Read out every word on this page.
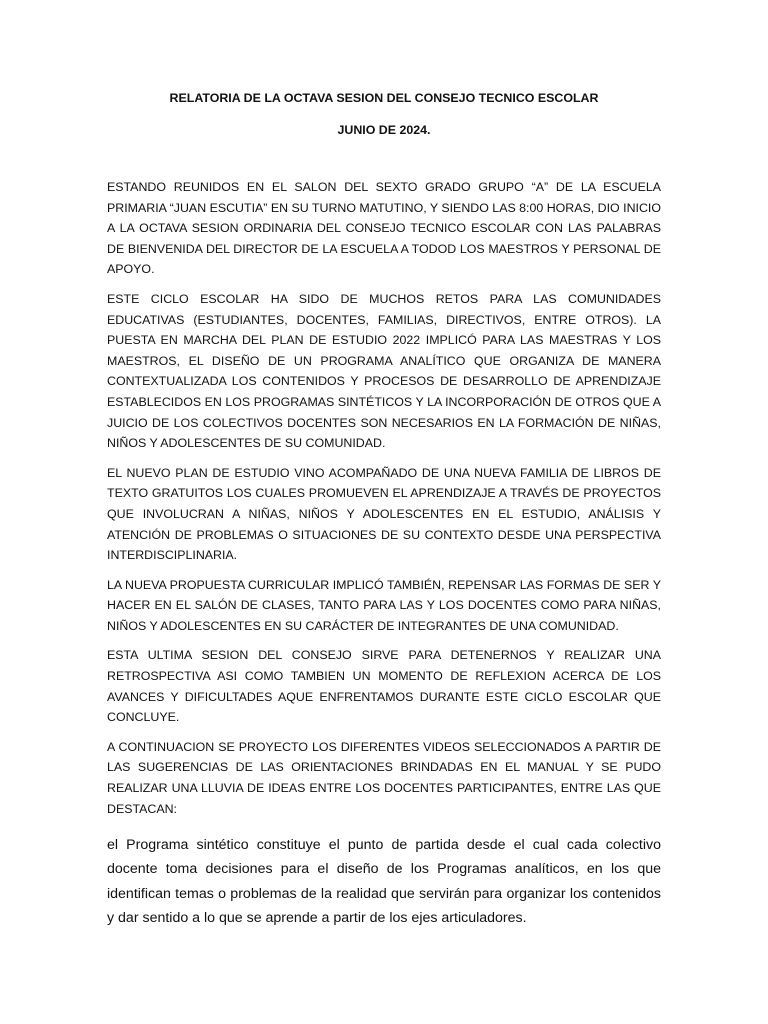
RELATORIA DE LA OCTAVA SESION DEL CONSEJO TECNICO ESCOLAR

JUNIO DE 2024.

ESTANDO REUNIDOS EN EL SALON DEL SEXTO GRADO GRUPO “A” DE LA ESCUELA PRIMARIA “JUAN ESCUTIA” EN SU TURNO MATUTINO, Y SIENDO LAS 8:00 HORAS, DIO INICIO A LA OCTAVA SESION ORDINARIA DEL CONSEJO TECNICO ESCOLAR CON LAS PALABRAS DE BIENVENIDA DEL DIRECTOR DE LA ESCUELA A TODOD LOS MAESTROS Y PERSONAL DE APOYO.

ESTE CICLO ESCOLAR HA SIDO DE MUCHOS RETOS PARA LAS COMUNIDADES EDUCATIVAS (ESTUDIANTES, DOCENTES, FAMILIAS, DIRECTIVOS, ENTRE OTROS). LA PUESTA EN MARCHA DEL PLAN DE ESTUDIO 2022 IMPLICÓ PARA LAS MAESTRAS Y LOS MAESTROS, EL DISEÑO DE UN PROGRAMA ANALÍTICO QUE ORGANIZA DE MANERA CONTEXTUALIZADA LOS CONTENIDOS Y PROCESOS DE DESARROLLO DE APRENDIZAJE ESTABLECIDOS EN LOS PROGRAMAS SINTÉTICOS Y LA INCORPORACIÓN DE OTROS QUE A JUICIO DE LOS COLECTIVOS DOCENTES SON NECESARIOS EN LA FORMACIÓN DE NIÑAS, NIÑOS Y ADOLESCENTES DE SU COMUNIDAD.

EL NUEVO PLAN DE ESTUDIO VINO ACOMPAÑADO DE UNA NUEVA FAMILIA DE LIBROS DE TEXTO GRATUITOS LOS CUALES PROMUEVEN EL APRENDIZAJE A TRAVÉS DE PROYECTOS QUE INVOLUCRAN A NIÑAS, NIÑOS Y ADOLESCENTES EN EL ESTUDIO, ANÁLISIS Y ATENCIÓN DE PROBLEMAS O SITUACIONES DE SU CONTEXTO DESDE UNA PERSPECTIVA INTERDISCIPLINARIA.

LA NUEVA PROPUESTA CURRICULAR IMPLICÓ TAMBIÉN, REPENSAR LAS FORMAS DE SER Y HACER EN EL SALÓN DE CLASES, TANTO PARA LAS Y LOS DOCENTES COMO PARA NIÑAS, NIÑOS Y ADOLESCENTES EN SU CARÁCTER DE INTEGRANTES DE UNA COMUNIDAD.

ESTA ULTIMA SESION DEL CONSEJO SIRVE PARA DETENERNOS Y REALIZAR UNA RETROSPECTIVA ASI COMO TAMBIEN UN MOMENTO DE REFLEXION ACERCA DE LOS AVANCES Y DIFICULTADES AQUE ENFRENTAMOS DURANTE ESTE CICLO ESCOLAR QUE CONCLUYE.

A CONTINUACION SE PROYECTO LOS DIFERENTES VIDEOS SELECCIONADOS A PARTIR DE LAS SUGERENCIAS DE LAS ORIENTACIONES BRINDADAS EN EL MANUAL Y SE PUDO REALIZAR UNA LLUVIA DE IDEAS ENTRE LOS DOCENTES PARTICIPANTES, ENTRE LAS QUE DESTACAN:

el Programa sintético constituye el punto de partida desde el cual cada colectivo docente toma decisiones para el diseño de los Programas analíticos, en los que identifican temas o problemas de la realidad que servirán para organizar los contenidos y dar sentido a lo que se aprende a partir de los ejes articuladores.
